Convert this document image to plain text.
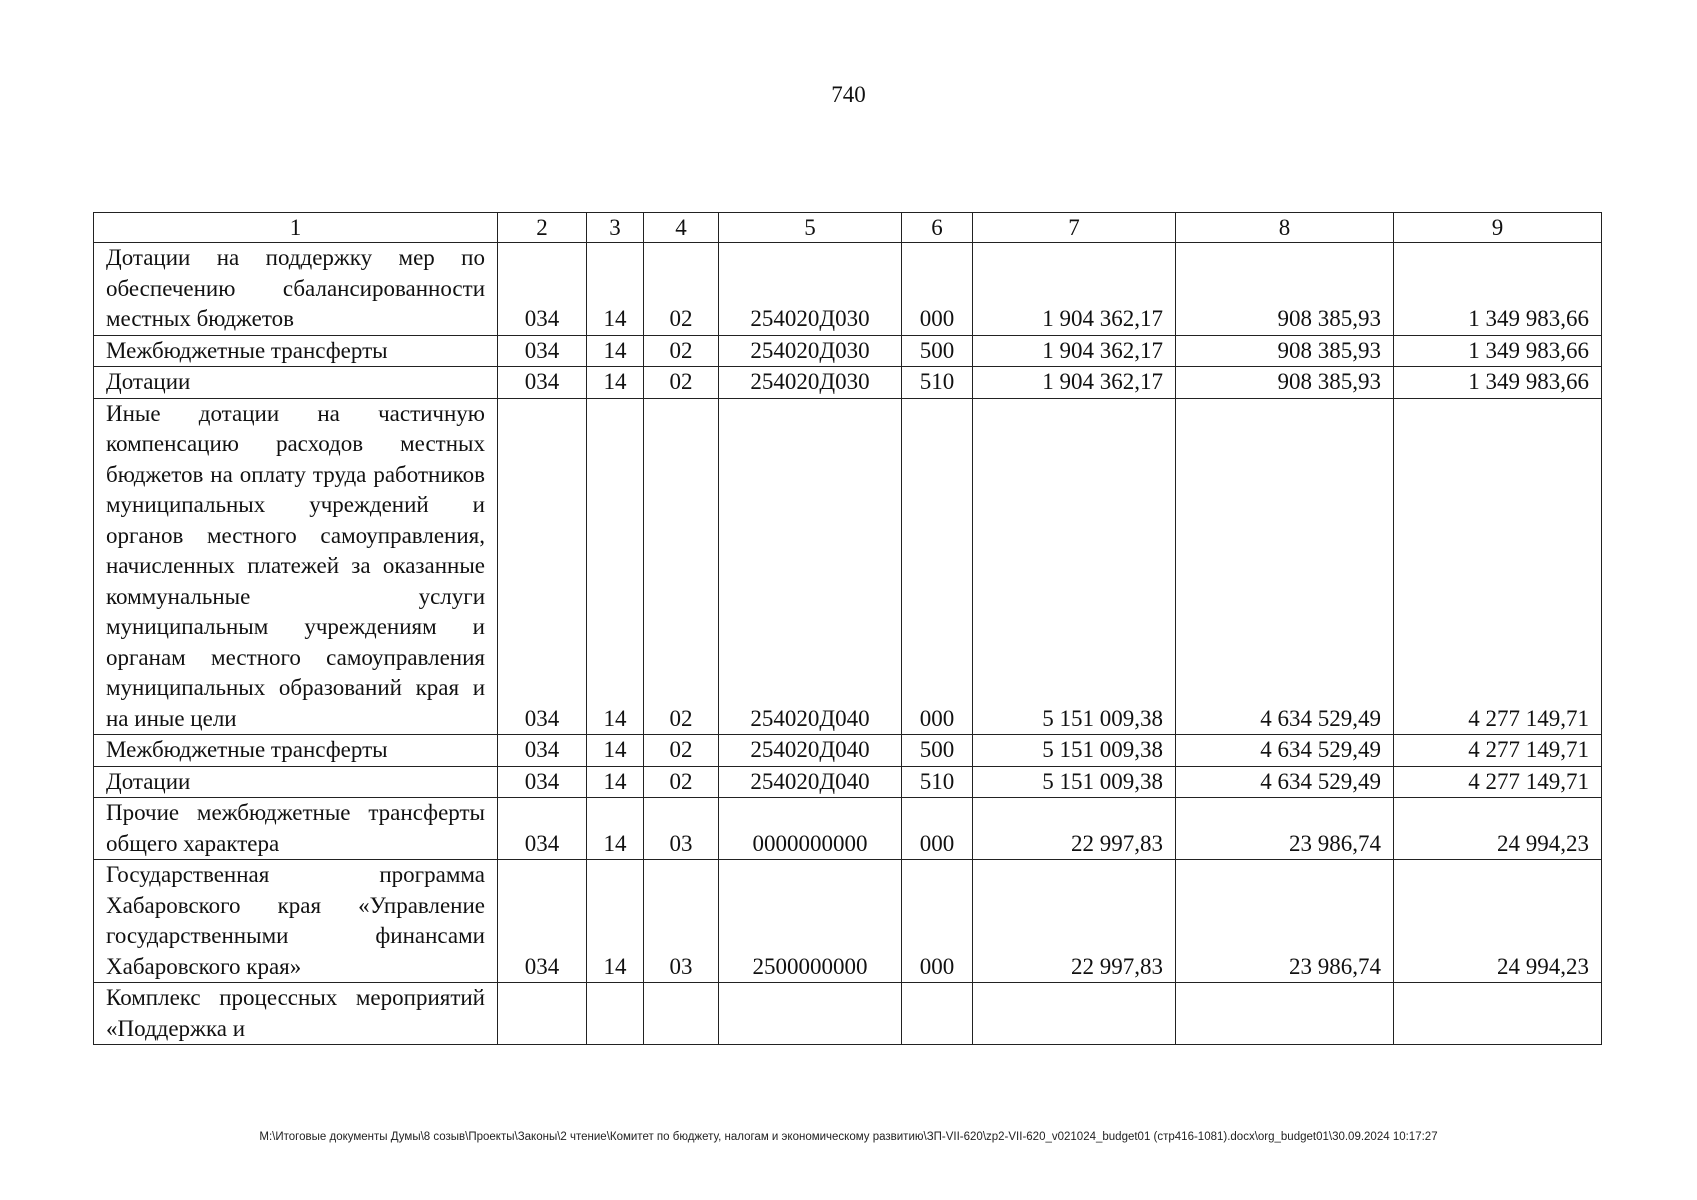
740
1	2	3	4	5	6	7	8	9
Дотации на поддержку мер по обеспечению сбалансированности местных бюджетов	034	14	02	254020Д030	000	1 904 362,17	908 385,93	1 349 983,66
Межбюджетные трансферты	034	14	02	254020Д030	500	1 904 362,17	908 385,93	1 349 983,66
Дотации	034	14	02	254020Д030	510	1 904 362,17	908 385,93	1 349 983,66
Иные дотации на частичную компенсацию расходов местных бюджетов на оплату труда работников муниципальных учреждений и органов местного самоуправления, начисленных платежей за оказанные коммунальные услуги муниципальным учреждениям и органам местного самоуправления муниципальных образований края и на иные цели	034	14	02	254020Д040	000	5 151 009,38	4 634 529,49	4 277 149,71
Межбюджетные трансферты	034	14	02	254020Д040	500	5 151 009,38	4 634 529,49	4 277 149,71
Дотации	034	14	02	254020Д040	510	5 151 009,38	4 634 529,49	4 277 149,71
Прочие межбюджетные трансферты общего характера	034	14	03	0000000000	000	22 997,83	23 986,74	24 994,23
Государственная программа Хабаровского края «Управление государственными финансами Хабаровского края»	034	14	03	2500000000	000	22 997,83	23 986,74	24 994,23
Комплекс процессных мероприятий «Поддержка и								
M:\Итоговые документы Думы\8 созыв\Проекты\Законы\2 чтение\Комитет по бюджету, налогам и экономическому развитию\ЗП-VII-620\zp2-VII-620_v021024_budget01 (стр416-1081).docx\org_budget01\30.09.2024 10:17:27
